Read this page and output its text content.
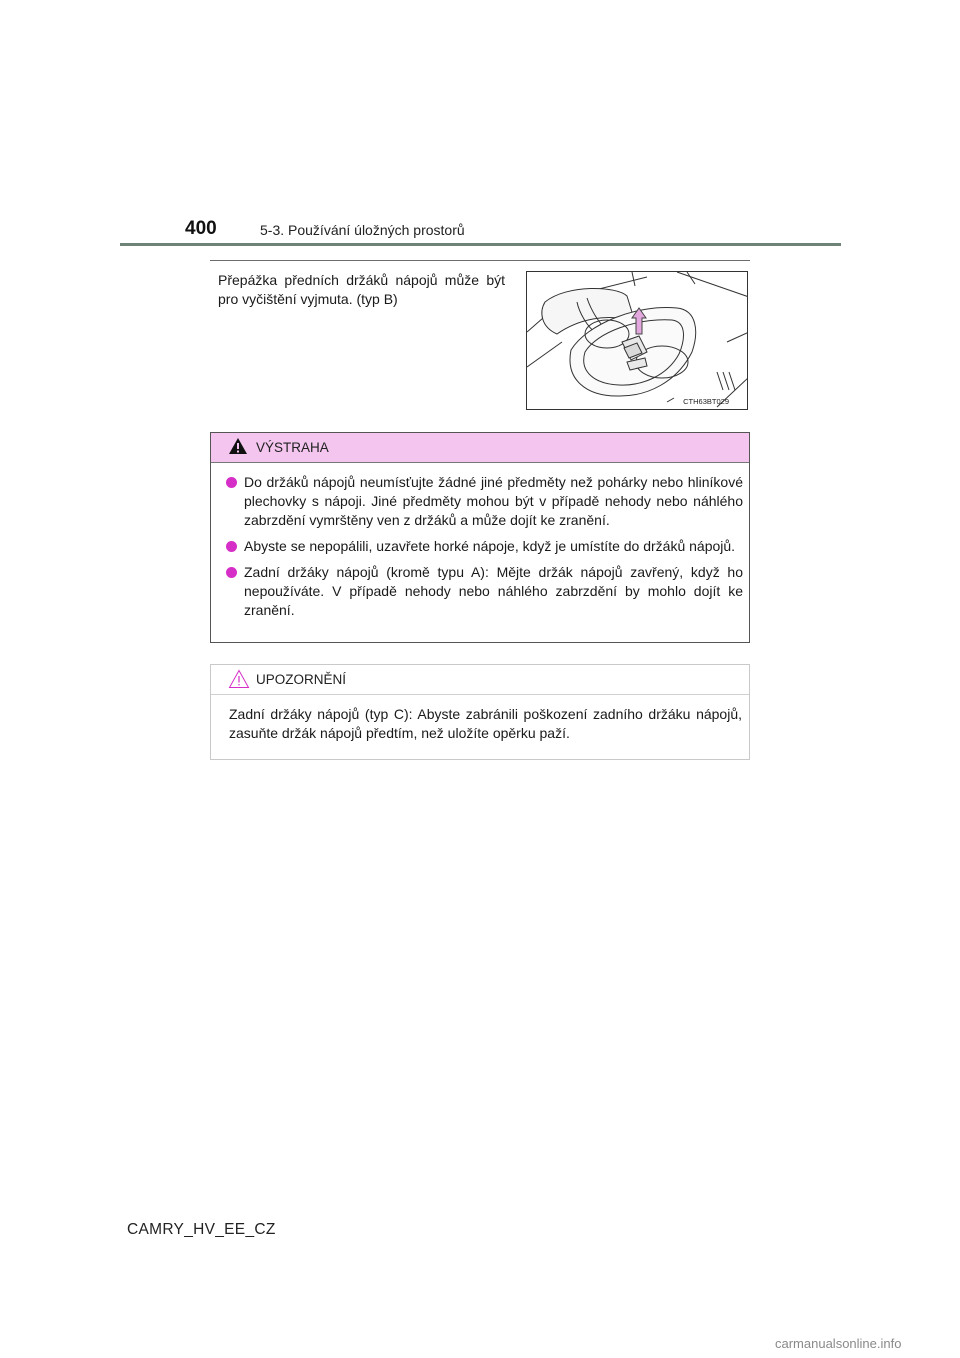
400	5-3. Používání úložných prostorů
Přepážka předních držáků nápojů může být pro vyčištění vyjmuta. (typ B)
CTH63BT029
VÝSTRAHA
Do držáků nápojů neumísťujte žádné jiné předměty než pohárky nebo hliníkové plechovky s nápoji. Jiné předměty mohou být v případě nehody nebo náhlého zabrzdění vymrštěny ven z držáků a může dojít ke zranění.
Abyste se nepopálili, uzavřete horké nápoje, když je umístíte do držáků nápojů.
Zadní držáky nápojů (kromě typu A): Mějte držák nápojů zavřený, když ho nepoužíváte. V případě nehody nebo náhlého zabrzdění by mohlo dojít ke zranění.
UPOZORNĚNÍ
Zadní držáky nápojů (typ C): Abyste zabránili poškození zadního držáku nápojů, zasuňte držák nápojů předtím, než uložíte opěrku paží.
CAMRY_HV_EE_CZ
carmanualsonline.info
